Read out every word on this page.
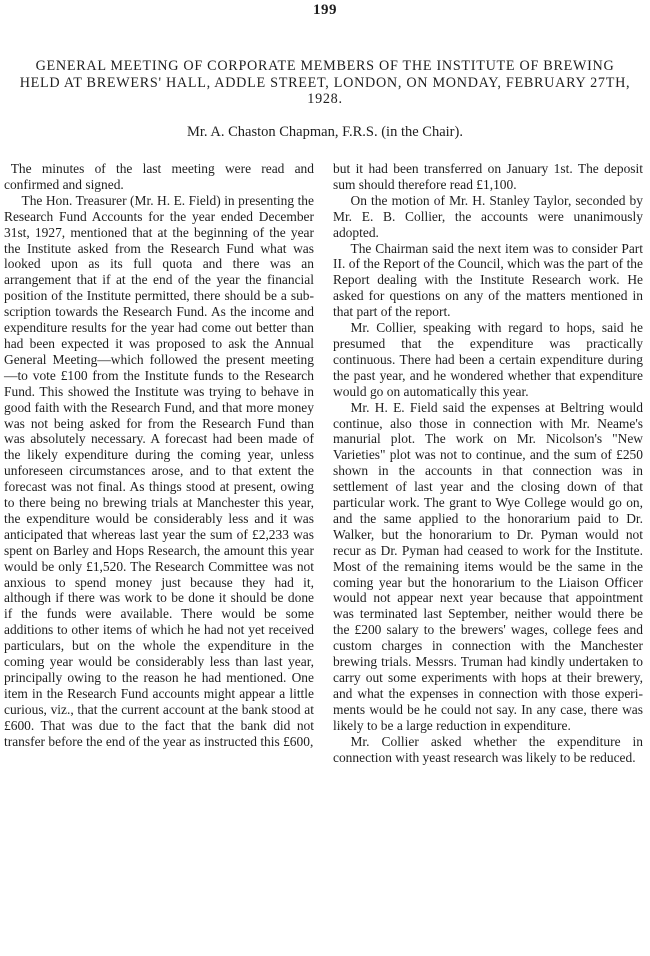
199
GENERAL MEETING OF CORPORATE MEMBERS OF THE INSTITUTE OF BREWING HELD AT BREWERS' HALL, ADDLE STREET, LONDON, ON MONDAY, FEBRUARY 27TH, 1928.
Mr. A. Chaston Chapman, F.R.S. (in the Chair).

The minutes of the last meeting were read and confirmed and signed.

The Hon. Treasurer (Mr. H. E. Field) in presenting the Research Fund Accounts for the year ended December 31st, 1927, mentioned that at the beginning of the year the Institute asked from the Research Fund what was looked upon as its full quota and there was an arrangement that if at the end of the year the financial position of the Institute permitted, there should be a subscription towards the Research Fund. As the income and expenditure results for the year had come out better than had been expected it was proposed to ask the Annual General Meeting—which followed the present meeting—to vote £100 from the Institute funds to the Research Fund. This showed the Institute was trying to behave in good faith with the Research Fund, and that more money was not being asked for from the Research Fund than was absolutely necessary. A forecast had been made of the likely expenditure during the coming year, unless unforeseen circumstances arose, and to that extent the forecast was not final. As things stood at present, owing to there being no brewing trials at Manchester this year, the expenditure would be considerably less and it was anticipated that whereas last year the sum of £2,233 was spent on Barley and Hops Research, the amount this year would be only £1,520. The Research Committee was not anxious to spend money just because they had it, although if there was work to be done it should be done if the funds were available. There would be some additions to other items of which he had not yet received particulars, but on the whole the expenditure in the coming year would be considerably less than last year, principally owing to the reason he had mentioned. One item in the Research Fund accounts might appear a little curious, viz., that the current account at the bank stood at £600. That was due to the fact that the bank did not transfer before the end of the year as instructed this £600,

but it had been transferred on January 1st. The deposit sum should therefore read £1,100.

On the motion of Mr. H. Stanley Taylor, seconded by Mr. E. B. Collier, the accounts were unanimously adopted.

The Chairman said the next item was to consider Part II. of the Report of the Council, which was the part of the Report dealing with the Institute Research work. He asked for questions on any of the matters mentioned in that part of the report.

Mr. Collier, speaking with regard to hops, said he presumed that the expenditure was practically continuous. There had been a certain expenditure during the past year, and he wondered whether that expenditure would go on automatically this year.

Mr. H. E. Field said the expenses at Beltring would continue, also those in connection with Mr. Neame's manurial plot. The work on Mr. Nicolson's "New Varieties" plot was not to continue, and the sum of £250 shown in the accounts in that connection was in settlement of last year and the closing down of that particular work. The grant to Wye College would go on, and the same applied to the honorarium paid to Dr. Walker, but the honorarium to Dr. Pyman would not recur as Dr. Pyman had ceased to work for the Institute. Most of the remaining items would be the same in the coming year but the honorarium to the Liaison Officer would not appear next year because that appointment was terminated last September, neither would there be the £200 salary to the brewers' wages, college fees and custom charges in connection with the Manchester brewing trials. Messrs. Truman had kindly undertaken to carry out some experiments with hops at their brewery, and what the expenses in connection with those experiments would be he could not say. In any case, there was likely to be a large reduction in expenditure.

Mr. Collier asked whether the expenditure in connection with yeast research was likely to be reduced.
